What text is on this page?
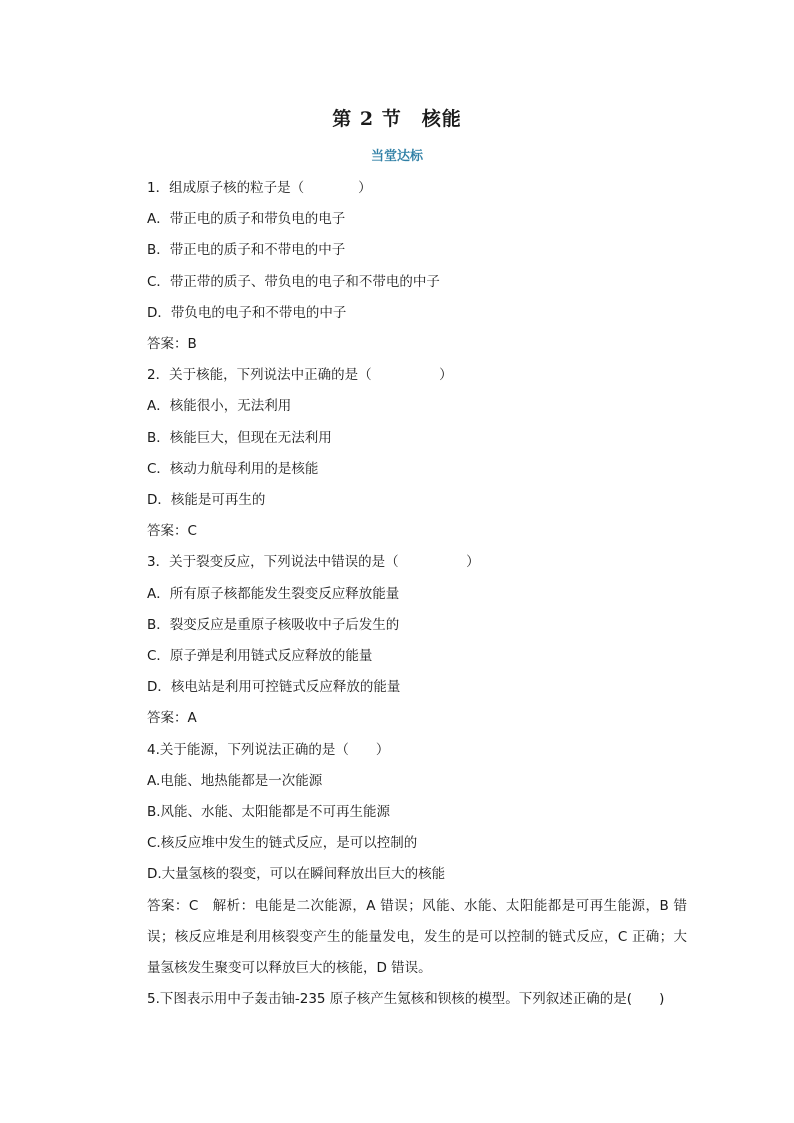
第 2 节　核能
当堂达标
1．组成原子核的粒子是（　　　　）
A．带正电的质子和带负电的电子
B．带正电的质子和不带电的中子
C．带正带的质子、带负电的电子和不带电的中子
D．带负电的电子和不带电的中子
答案：B
2．关于核能，下列说法中正确的是（　　　　　）
A．核能很小，无法利用
B．核能巨大，但现在无法利用
C．核动力航母利用的是核能
D．核能是可再生的
答案：C
3．关于裂变反应，下列说法中错误的是（　　　　　）
A．所有原子核都能发生裂变反应释放能量
B．裂变反应是重原子核吸收中子后发生的
C．原子弹是利用链式反应释放的能量
D．核电站是利用可控链式反应释放的能量
答案：A
4.关于能源，下列说法正确的是（　　）
A.电能、地热能都是一次能源
B.风能、水能、太阳能都是不可再生能源
C.核反应堆中发生的链式反应，是可以控制的
D.大量氢核的裂变，可以在瞬间释放出巨大的核能
答案：C　解析：电能是二次能源，A 错误；风能、水能、太阳能都是可再生能源，B 错误；核反应堆是利用核裂变产生的能量发电，发生的是可以控制的链式反应，C 正确；大量氢核发生聚变可以释放巨大的核能，D 错误。
5.下图表示用中子轰击铀-235 原子核产生氪核和钡核的模型。下列叙述正确的是(　　)
